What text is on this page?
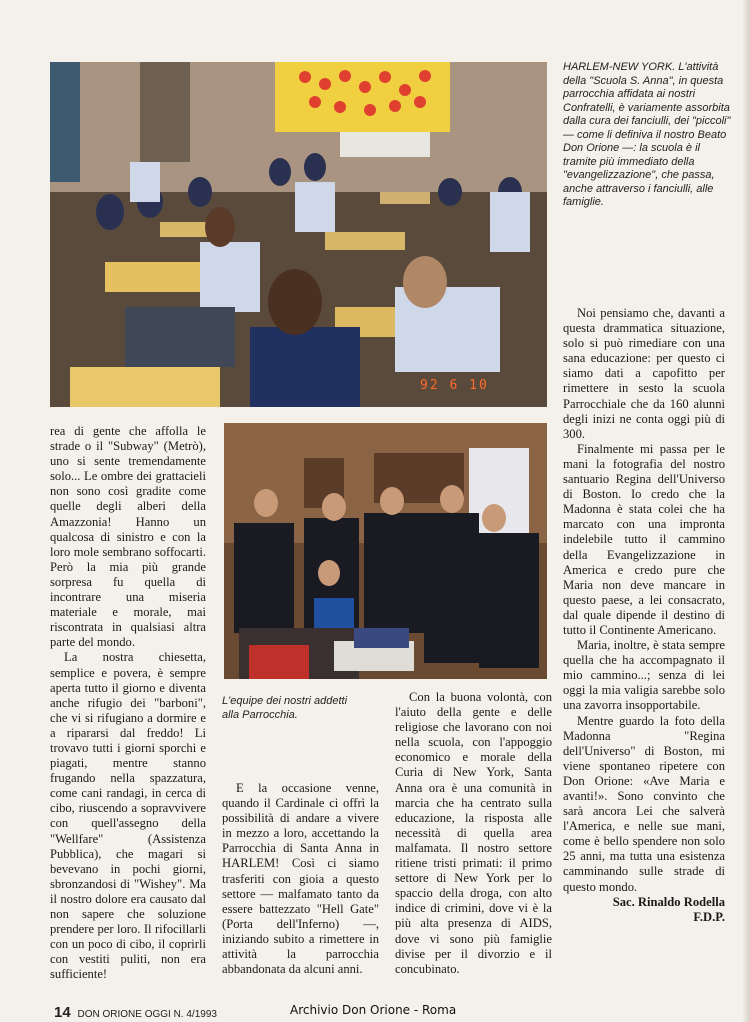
92 6 10
HARLEM-NEW YORK. L'attività della "Scuola S. Anna", in questa parrocchia affidata ai nostri Confratelli, è variamente assorbita dalla cura dei fanciulli, dei "piccoli" — come li definiva il nostro Beato Don Orione —: la scuola è il tramite più immediato della "evangelizzazione", che passa, anche attraverso i fanciulli, alle famiglie.
L'equipe dei nostri addetti alla Parrocchia.

rea di gente che affolla le strade o il "Subway" (Metrò), uno si sente tremendamente solo... Le ombre dei grattacieli non sono così gradite come quelle degli alberi della Amazzonia! Hanno un qualcosa di sinistro e con la loro mole sembrano soffocarti. Però la mia più grande sorpresa fu quella di incontrare una miseria materiale e morale, mai riscontrata in qualsiasi altra parte del mondo.

La nostra chiesetta, semplice e povera, è sempre aperta tutto il giorno e diventa anche rifugio dei "barboni", che vi si rifugiano a dormire e a ripararsi dal freddo! Li trovavo tutti i giorni sporchi e piagati, mentre stanno frugando nella spazzatura, come cani randagi, in cerca di cibo, riuscendo a sopravvivere con quell'assegno della "Wellfare" (Assistenza Pubblica), che magari si bevevano in pochi giorni, sbronzandosi di "Wishey". Ma il nostro dolore era causato dal non sapere che soluzione prendere per loro. Il rifocillarli con un poco di cibo, il coprirli con vestiti puliti, non era sufficiente!

E la occasione venne, quando il Cardinale ci offrì la possibilità di andare a vivere in mezzo a loro, accettando la Parrocchia di Santa Anna in HARLEM! Così ci siamo trasferiti con gioia a questo settore — malfamato tanto da essere battezzato "Hell Gate" (Porta dell'Inferno) —, iniziando subito a rimettere in attività la parrocchia abbandonata da alcuni anni.

Con la buona volontà, con l'aiuto della gente e delle religiose che lavorano con noi nella scuola, con l'appoggio economico e morale della Curia di New York, Santa Anna ora è una comunità in marcia che ha centrato sulla educazione, la risposta alle necessità di quella area malfamata. Il nostro settore ritiene tristi primati: il primo settore di New York per lo spaccio della droga, con alto indice di crimini, dove vi è la più alta presenza di AIDS, dove vi sono più famiglie divise per il divorzio e il concubinato.

Noi pensiamo che, davanti a questa drammatica situazione, solo si può rimediare con una sana educazione: per questo ci siamo dati a capofitto per rimettere in sesto la scuola Parrocchiale che da 160 alunni degli inizi ne conta oggi più di 300.

Finalmente mi passa per le mani la fotografia del nostro santuario Regina dell'Universo di Boston. Io credo che la Madonna è stata colei che ha marcato con una impronta indelebile tutto il cammino della Evangelizzazione in America e credo pure che Maria non deve mancare in questo paese, a lei consacrato, dal quale dipende il destino di tutto il Continente Americano.

Maria, inoltre, è stata sempre quella che ha accompagnato il mio cammino...; senza di lei oggi la mia valigia sarebbe solo una zavorra insopportabile.

Mentre guardo la foto della Madonna "Regina dell'Universo" di Boston, mi viene spontaneo ripetere con Don Orione: «Ave Maria e avanti!». Sono convinto che sarà ancora Lei che salverà l'America, e nelle sue mani, come è bello spendere non solo 25 anni, ma tutta una esistenza camminando sulle strade di questo mondo.

Sac. Rinaldo Rodella
F.D.P.
14 DON ORIONE OGGI N. 4/1993	Archivio Don Orione - Roma
